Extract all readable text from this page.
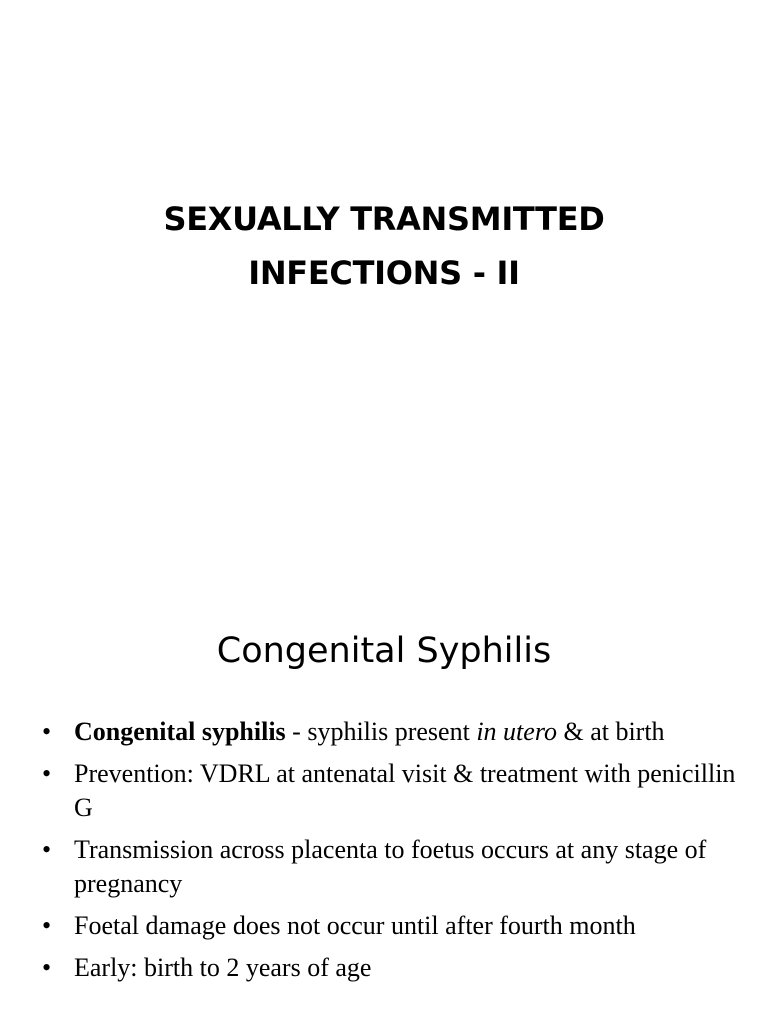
SEXUALLY TRANSMITTED
INFECTIONS - II
Congenital Syphilis
• Congenital syphilis - syphilis present in utero & at birth
• Prevention: VDRL at antenatal visit & treatment with penicillin G
• Transmission across placenta to foetus occurs at any stage of pregnancy
• Foetal damage does not occur until after fourth month
• Early: birth to 2 years of age
